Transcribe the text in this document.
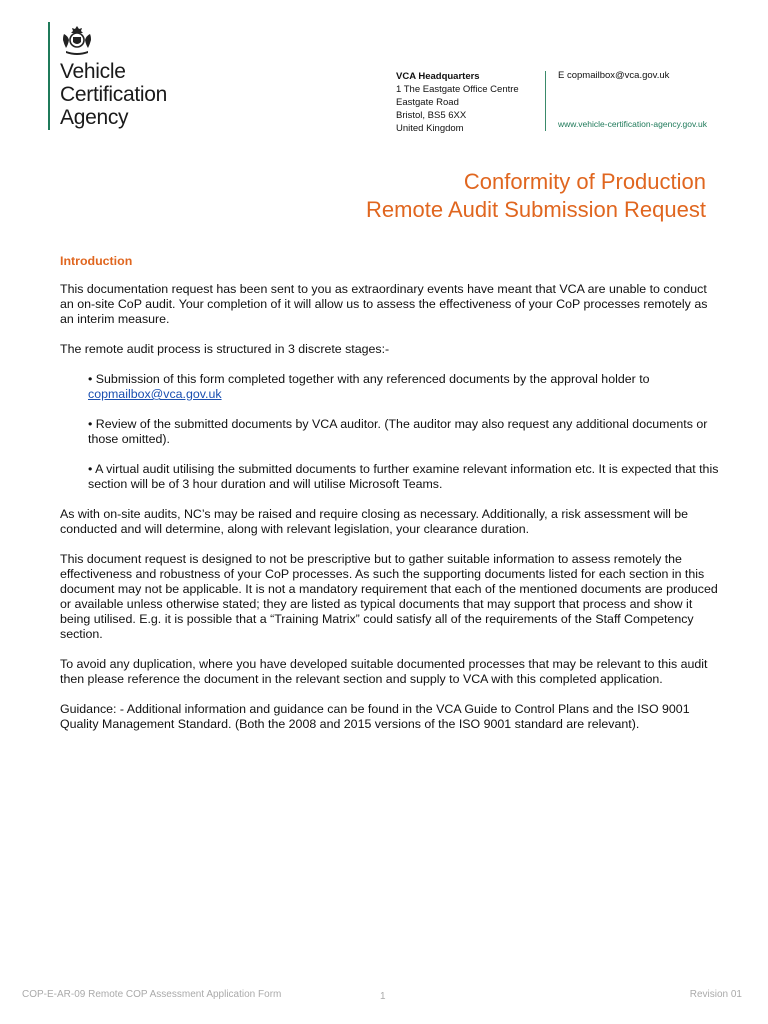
Vehicle
Certification
Agency
VCA Headquarters
1 The Eastgate Office Centre
Eastgate Road
Bristol, BS5 6XX
United Kingdom
E copmailbox@vca.gov.uk
www.vehicle-certification-agency.gov.uk
Conformity of Production
Remote Audit Submission Request
Introduction

This documentation request has been sent to you as extraordinary events have meant that VCA are unable to conduct an on-site CoP audit. Your completion of it will allow us to assess the effectiveness of your CoP processes remotely as an interim measure.

The remote audit process is structured in 3 discrete stages:-

• Submission of this form completed together with any referenced documents by the approval holder to
copmailbox@vca.gov.uk
• Review of the submitted documents by VCA auditor. (The auditor may also request any additional documents or those omitted).
• A virtual audit utilising the submitted documents to further examine relevant information etc. It is expected that this section will be of 3 hour duration and will utilise Microsoft Teams.

As with on-site audits, NC’s may be raised and require closing as necessary. Additionally, a risk assessment will be conducted and will determine, along with relevant legislation, your clearance duration.

This document request is designed to not be prescriptive but to gather suitable information to assess remotely the effectiveness and robustness of your CoP processes. As such the supporting documents listed for each section in this document may not be applicable. It is not a mandatory requirement that each of the mentioned documents are produced or available unless otherwise stated; they are listed as typical documents that may support that process and show it being utilised. E.g. it is possible that a “Training Matrix” could satisfy all of the requirements of the Staff Competency section.

To avoid any duplication, where you have developed suitable documented processes that may be relevant to this audit then please reference the document in the relevant section and supply to VCA with this completed application.

Guidance: - Additional information and guidance can be found in the VCA Guide to Control Plans and the ISO 9001 Quality Management Standard. (Both the 2008 and 2015 versions of the ISO 9001 standard are relevant).

COP-E-AR-09 Remote COP Assessment Application Form	1	Revision 01
